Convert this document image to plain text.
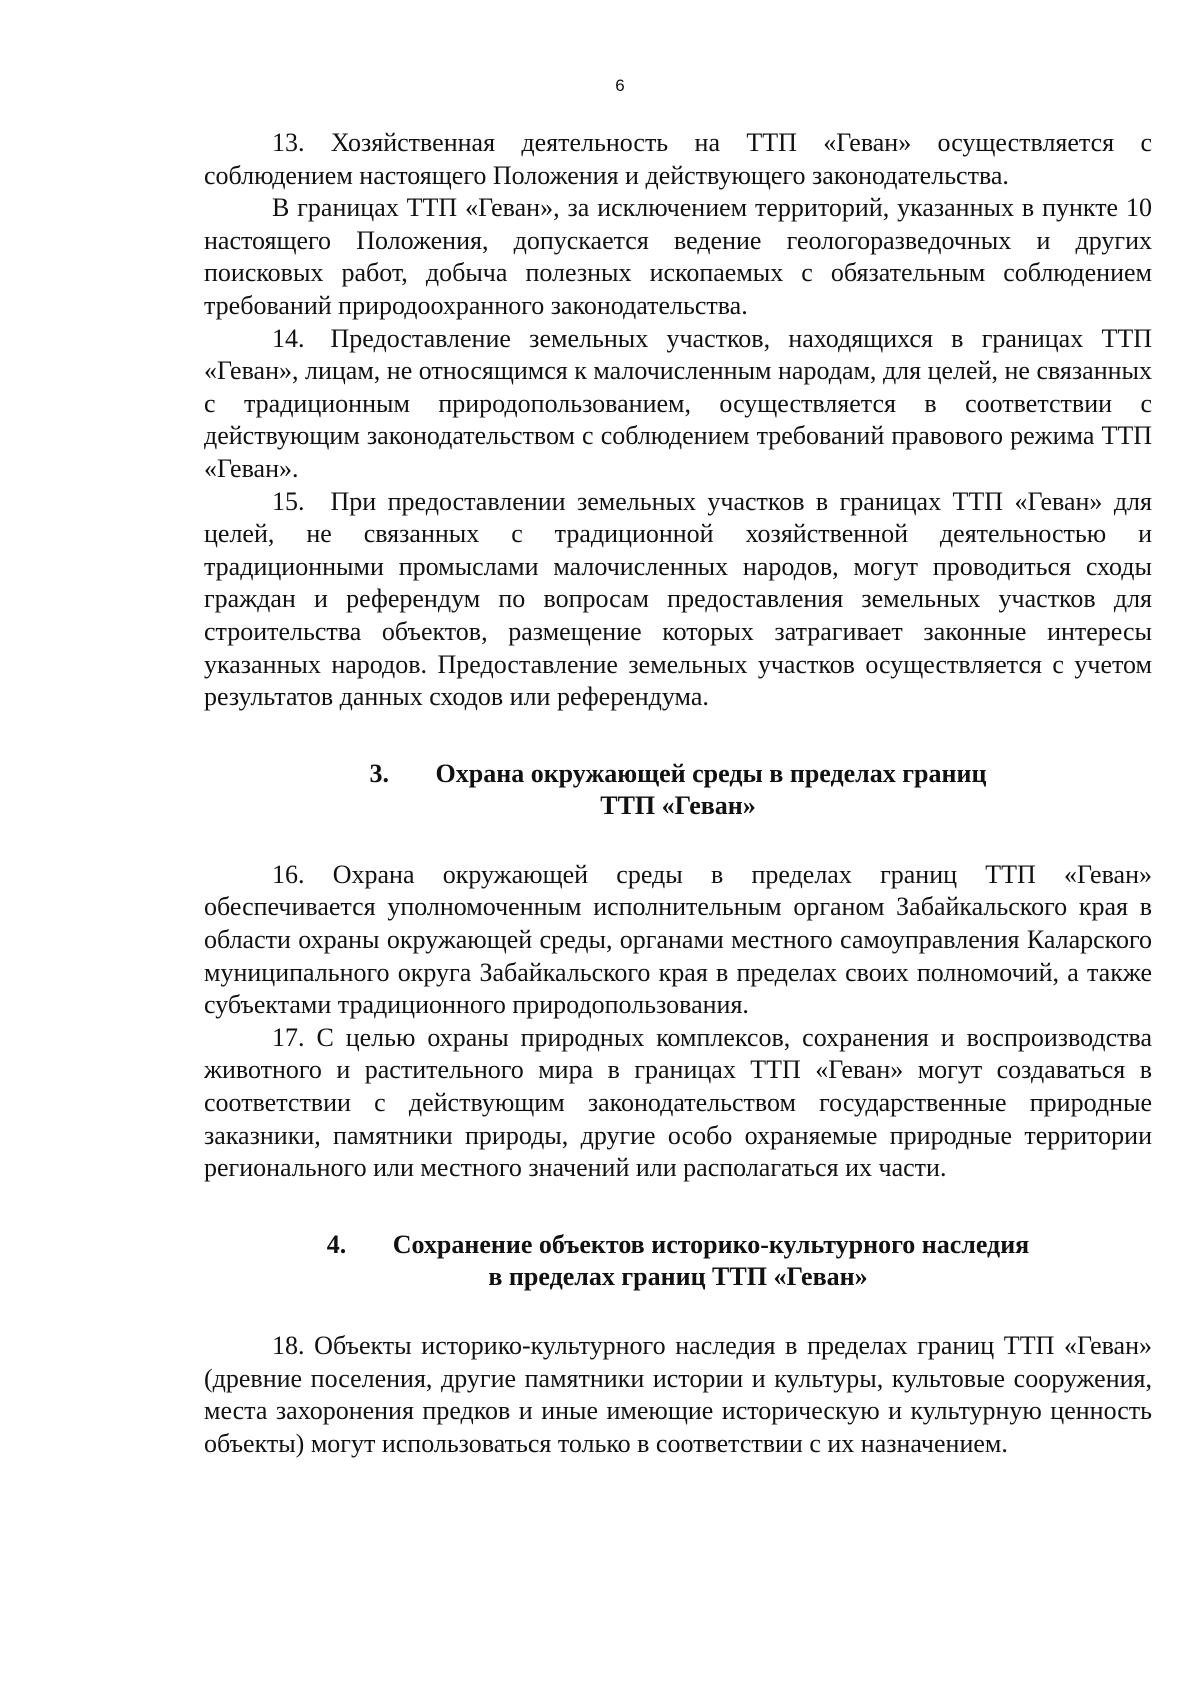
6

13. Хозяйственная деятельность на ТТП «Геван» осуществляется с соблюдением настоящего Положения и действующего законодательства.

В границах ТТП «Геван», за исключением территорий, указанных в пункте 10 настоящего Положения, допускается ведение геологоразведочных и других поисковых работ, добыча полезных ископаемых с обязательным соблюдением требований природоохранного законодательства.

14. Предоставление земельных участков, находящихся в границах ТТП «Геван», лицам, не относящимся к малочисленным народам, для целей, не связанных с традиционным природопользованием, осуществляется в соответствии с действующим законодательством с соблюдением требований правового режима ТТП «Геван».

15. При предоставлении земельных участков в границах ТТП «Геван» для целей, не связанных с традиционной хозяйственной деятельностью и традиционными промыслами малочисленных народов, могут проводиться сходы граждан и референдум по вопросам предоставления земельных участков для строительства объектов, размещение которых затрагивает законные интересы указанных народов. Предоставление земельных участков осуществляется с учетом результатов данных сходов или референдума.

3. Охрана окружающей среды в пределах границ
ТТП «Геван»

16. Охрана окружающей среды в пределах границ ТТП «Геван» обеспечивается уполномоченным исполнительным органом Забайкальского края в области охраны окружающей среды, органами местного самоуправления Каларского муниципального округа Забайкальского края в пределах своих полномочий, а также субъектами традиционного природопользования.

17. С целью охраны природных комплексов, сохранения и воспроизводства животного и растительного мира в границах ТТП «Геван» могут создаваться в соответствии с действующим законодательством государственные природные заказники, памятники природы, другие особо охраняемые природные территории регионального или местного значений или располагаться их части.

4. Сохранение объектов историко-культурного наследия
в пределах границ ТТП «Геван»

18. Объекты историко-культурного наследия в пределах границ ТТП «Геван» (древние поселения, другие памятники истории и культуры, культовые сооружения, места захоронения предков и иные имеющие историческую и культурную ценность объекты) могут использоваться только в соответствии с их назначением.
